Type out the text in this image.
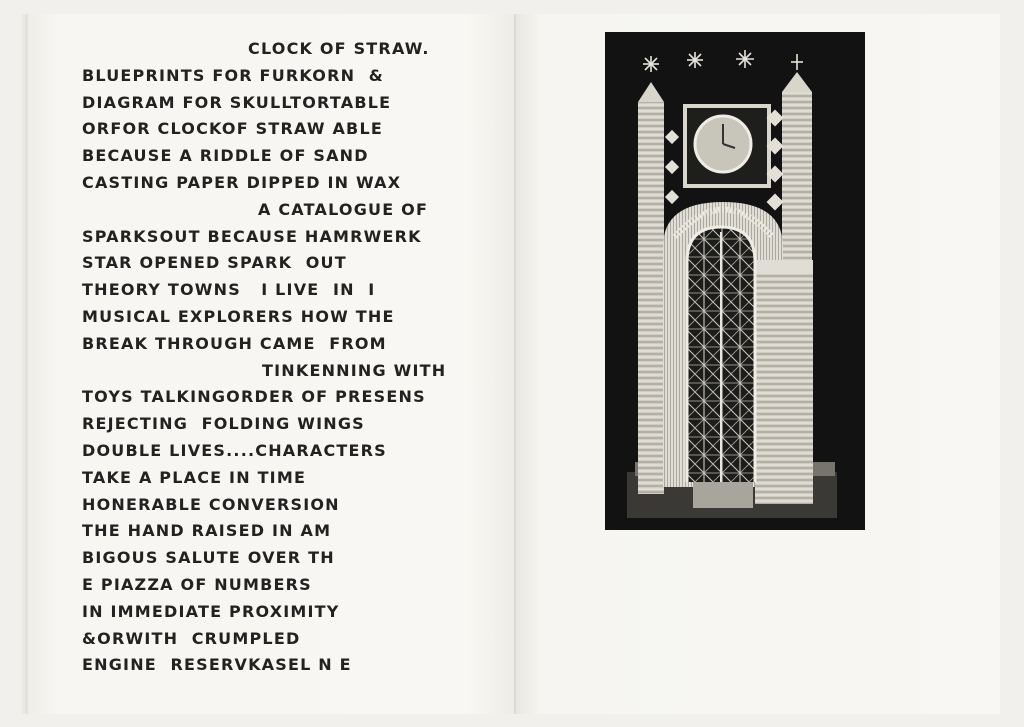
CLOCK OF STRAW.
BLUEPRINTS FOR FURKORN  &
DIAGRAM FOR SKULLTORTABLE
ORFOR CLOCKOF STRAW ABLE
BECAUSE A RIDDLE OF SAND
CASTING PAPER DIPPED IN WAX
A CATALOGUE OF
SPARKSOUT BECAUSE HAMRWERK
STAR OPENED SPARK  OUT
THEORY TOWNS   I LIVE  IN  I
MUSICAL EXPLORERS HOW THE
BREAK THROUGH CAME  FROM
TINKENNING WITH
TOYS TALKINGORDER OF PRESENS
REJECTING  FOLDING WINGS
DOUBLE LIVES....CHARACTERS
TAKE A PLACE IN TIME
HONERABLE CONVERSION
THE HAND RAISED IN AM
BIGOUS SALUTE OVER TH
E PIAZZA OF NUMBERS
IN IMMEDIATE PROXIMITY
&ORWITH  CRUMPLED
ENGINE  RESERVKASEL N E
